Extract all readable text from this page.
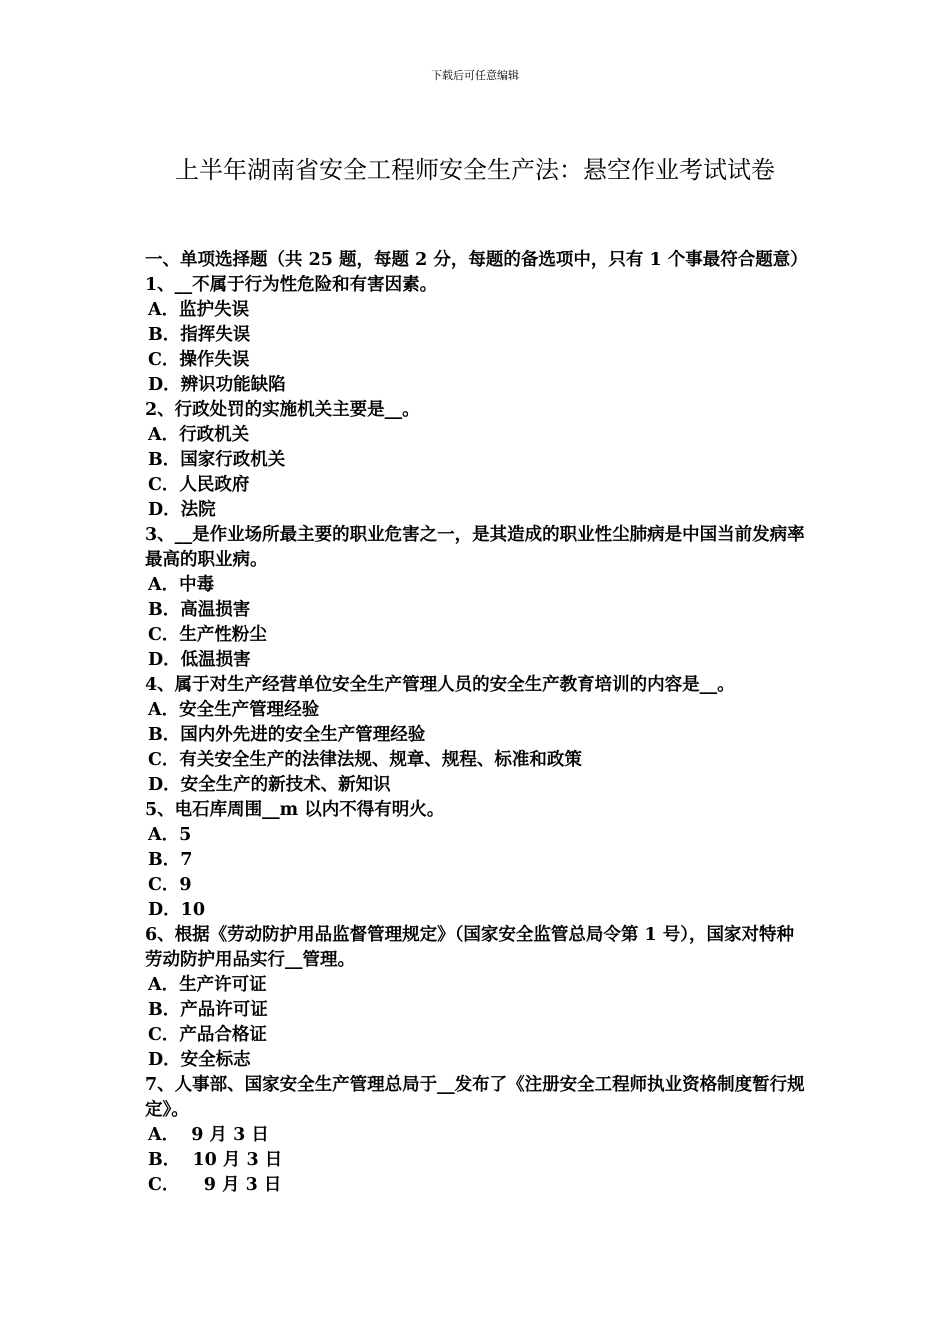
下载后可任意编辑
上半年湖南省安全工程师安全生产法：悬空作业考试试卷

一、单项选择题（共 25 题，每题 2 分，每题的备选项中，只有 1 个事最符合题意）

1、__不属于行为性危险和有害因素。

A．监护失误

B．指挥失误

C．操作失误

D．辨识功能缺陷

2、行政处罚的实施机关主要是__。

A．行政机关

B．国家行政机关

C．人民政府

D．法院

3、__是作业场所最主要的职业危害之一，是其造成的职业性尘肺病是中国当前发病率最高的职业病。

A．中毒

B．高温损害

C．生产性粉尘

D．低温损害

4、属于对生产经营单位安全生产管理人员的安全生产教育培训的内容是__。

A．安全生产管理经验

B．国内外先进的安全生产管理经验

C．有关安全生产的法律法规、规章、规程、标准和政策

D．安全生产的新技术、新知识

5、电石库周围__m 以内不得有明火。

A．5

B．7

C．9

D．10

6、根据《劳动防护用品监督管理规定》（国家安全监管总局令第 1 号），国家对特种劳动防护用品实行__管理。

A．生产许可证

B．产品许可证

C．产品合格证

D．安全标志

7、人事部、国家安全生产管理总局于__发布了《注册安全工程师执业资格制度暂行规定》。

A．  9 月 3 日

B．  10 月 3 日

C．    9 月 3 日
